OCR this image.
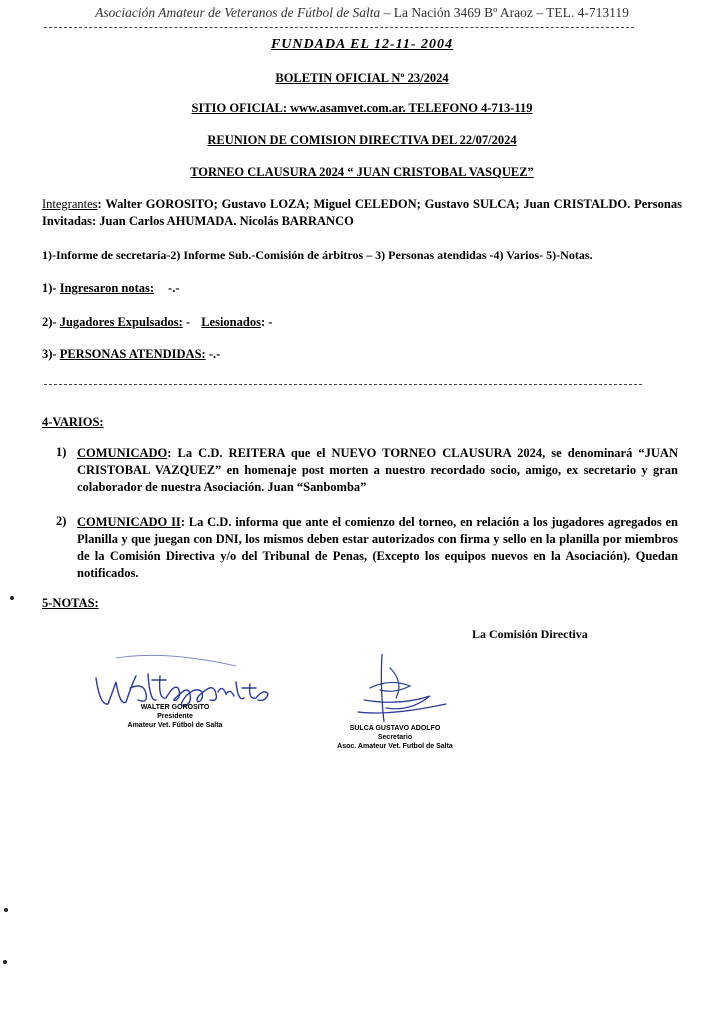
Asociación Amateur de Veteranos de Fútbol de Salta – La Nación 3469 Bº Araoz – TEL. 4-713119
FUNDADA EL 12-11- 2004
BOLETIN OFICIAL Nº 23/2024
SITIO OFICIAL: www.asamvet.com.ar. TELEFONO 4-713-119
REUNION DE COMISION DIRECTIVA DEL 22/07/2024
TORNEO CLAUSURA 2024 “ JUAN CRISTOBAL VASQUEZ”
Integrantes: Walter GOROSITO; Gustavo LOZA; Miguel CELEDON; Gustavo SULCA; Juan CRISTALDO. Personas Invitadas: Juan Carlos AHUMADA. Nicolás BARRANCO
1)-Informe de secretaría-2) Informe Sub.-Comisión de árbitros – 3) Personas atendidas -4) Varios- 5)-Notas.
1)- Ingresaron notas: -.-
2)- Jugadores Expulsados: - Lesionados: -
3)- PERSONAS ATENDIDAS: -.-
4-VARIOS:
1) COMUNICADO: La C.D. REITERA que el NUEVO TORNEO CLAUSURA 2024, se denominará “JUAN CRISTOBAL VAZQUEZ” en homenaje post morten a nuestro recordado socio, amigo, ex secretario y gran colaborador de nuestra Asociación. Juan “Sanbomba”
2) COMUNICADO II: La C.D. informa que ante el comienzo del torneo, en relación a los jugadores agregados en Planilla y que juegan con DNI, los mismos deben estar autorizados con firma y sello en la planilla por miembros de la Comisión Directiva y/o del Tribunal de Penas, (Excepto los equipos nuevos en la Asociación). Quedan notificados.
5-NOTAS:
La Comisión Directiva
WALTER GOROSITO
Presidente
Amateur Vet. Fútbol de Salta	SULCA GUSTAVO ADOLFO
Secretario
Asoc. Amateur Vet. Futbol de Salta
